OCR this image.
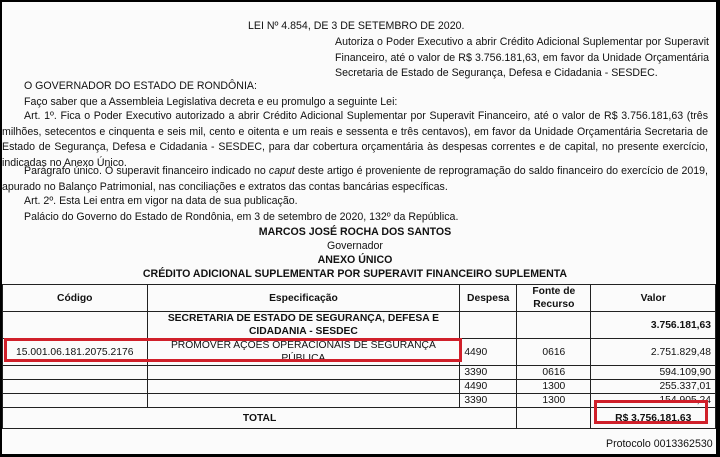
LEI Nº 4.854, DE 3 DE SETEMBRO DE 2020.
Autoriza o Poder Executivo a abrir Crédito Adicional Suplementar por Superavit Financeiro, até o valor de R$ 3.756.181,63, em favor da Unidade Orçamentária Secretaria de Estado de Segurança, Defesa e Cidadania - SESDEC.
O GOVERNADOR DO ESTADO DE RONDÔNIA:
Faço saber que a Assembleia Legislativa decreta e eu promulgo a seguinte Lei:
Art. 1º. Fica o Poder Executivo autorizado a abrir Crédito Adicional Suplementar por Superavit Financeiro, até o valor de R$ 3.756.181,63 (três milhões, setecentos e cinquenta e seis mil, cento e oitenta e um reais e sessenta e três centavos), em favor da Unidade Orçamentária Secretaria de Estado de Segurança, Defesa e Cidadania - SESDEC, para dar cobertura orçamentária às despesas correntes e de capital, no presente exercício, indicadas no Anexo Único.
Parágrafo único. O superavit financeiro indicado no caput deste artigo é proveniente de reprogramação do saldo financeiro do exercício de 2019, apurado no Balanço Patrimonial, nas conciliações e extratos das contas bancárias específicas.
Art. 2º. Esta Lei entra em vigor na data de sua publicação.
Palácio do Governo do Estado de Rondônia, em 3 de setembro de 2020, 132º da República.
MARCOS JOSÉ ROCHA DOS SANTOS
Governador
ANEXO ÚNICO
CRÉDITO ADICIONAL SUPLEMENTAR POR SUPERAVIT FINANCEIRO SUPLEMENTA
Código	Especificação	Despesa	Fonte de Recurso	Valor
	SECRETARIA DE ESTADO DE SEGURANÇA, DEFESA E CIDADANIA - SESDEC			3.756.181,63
15.001.06.181.2075.2176	PROMOVER AÇÕES OPERACIONAIS DE SEGURANÇA PÚBLICA	4490	0616	2.751.829,48
		3390	0616	594.109,90
		4490	1300	255.337,01
		3390	1300	154.905,24
TOTAL				R$ 3.756.181,63
Protocolo 0013362530
